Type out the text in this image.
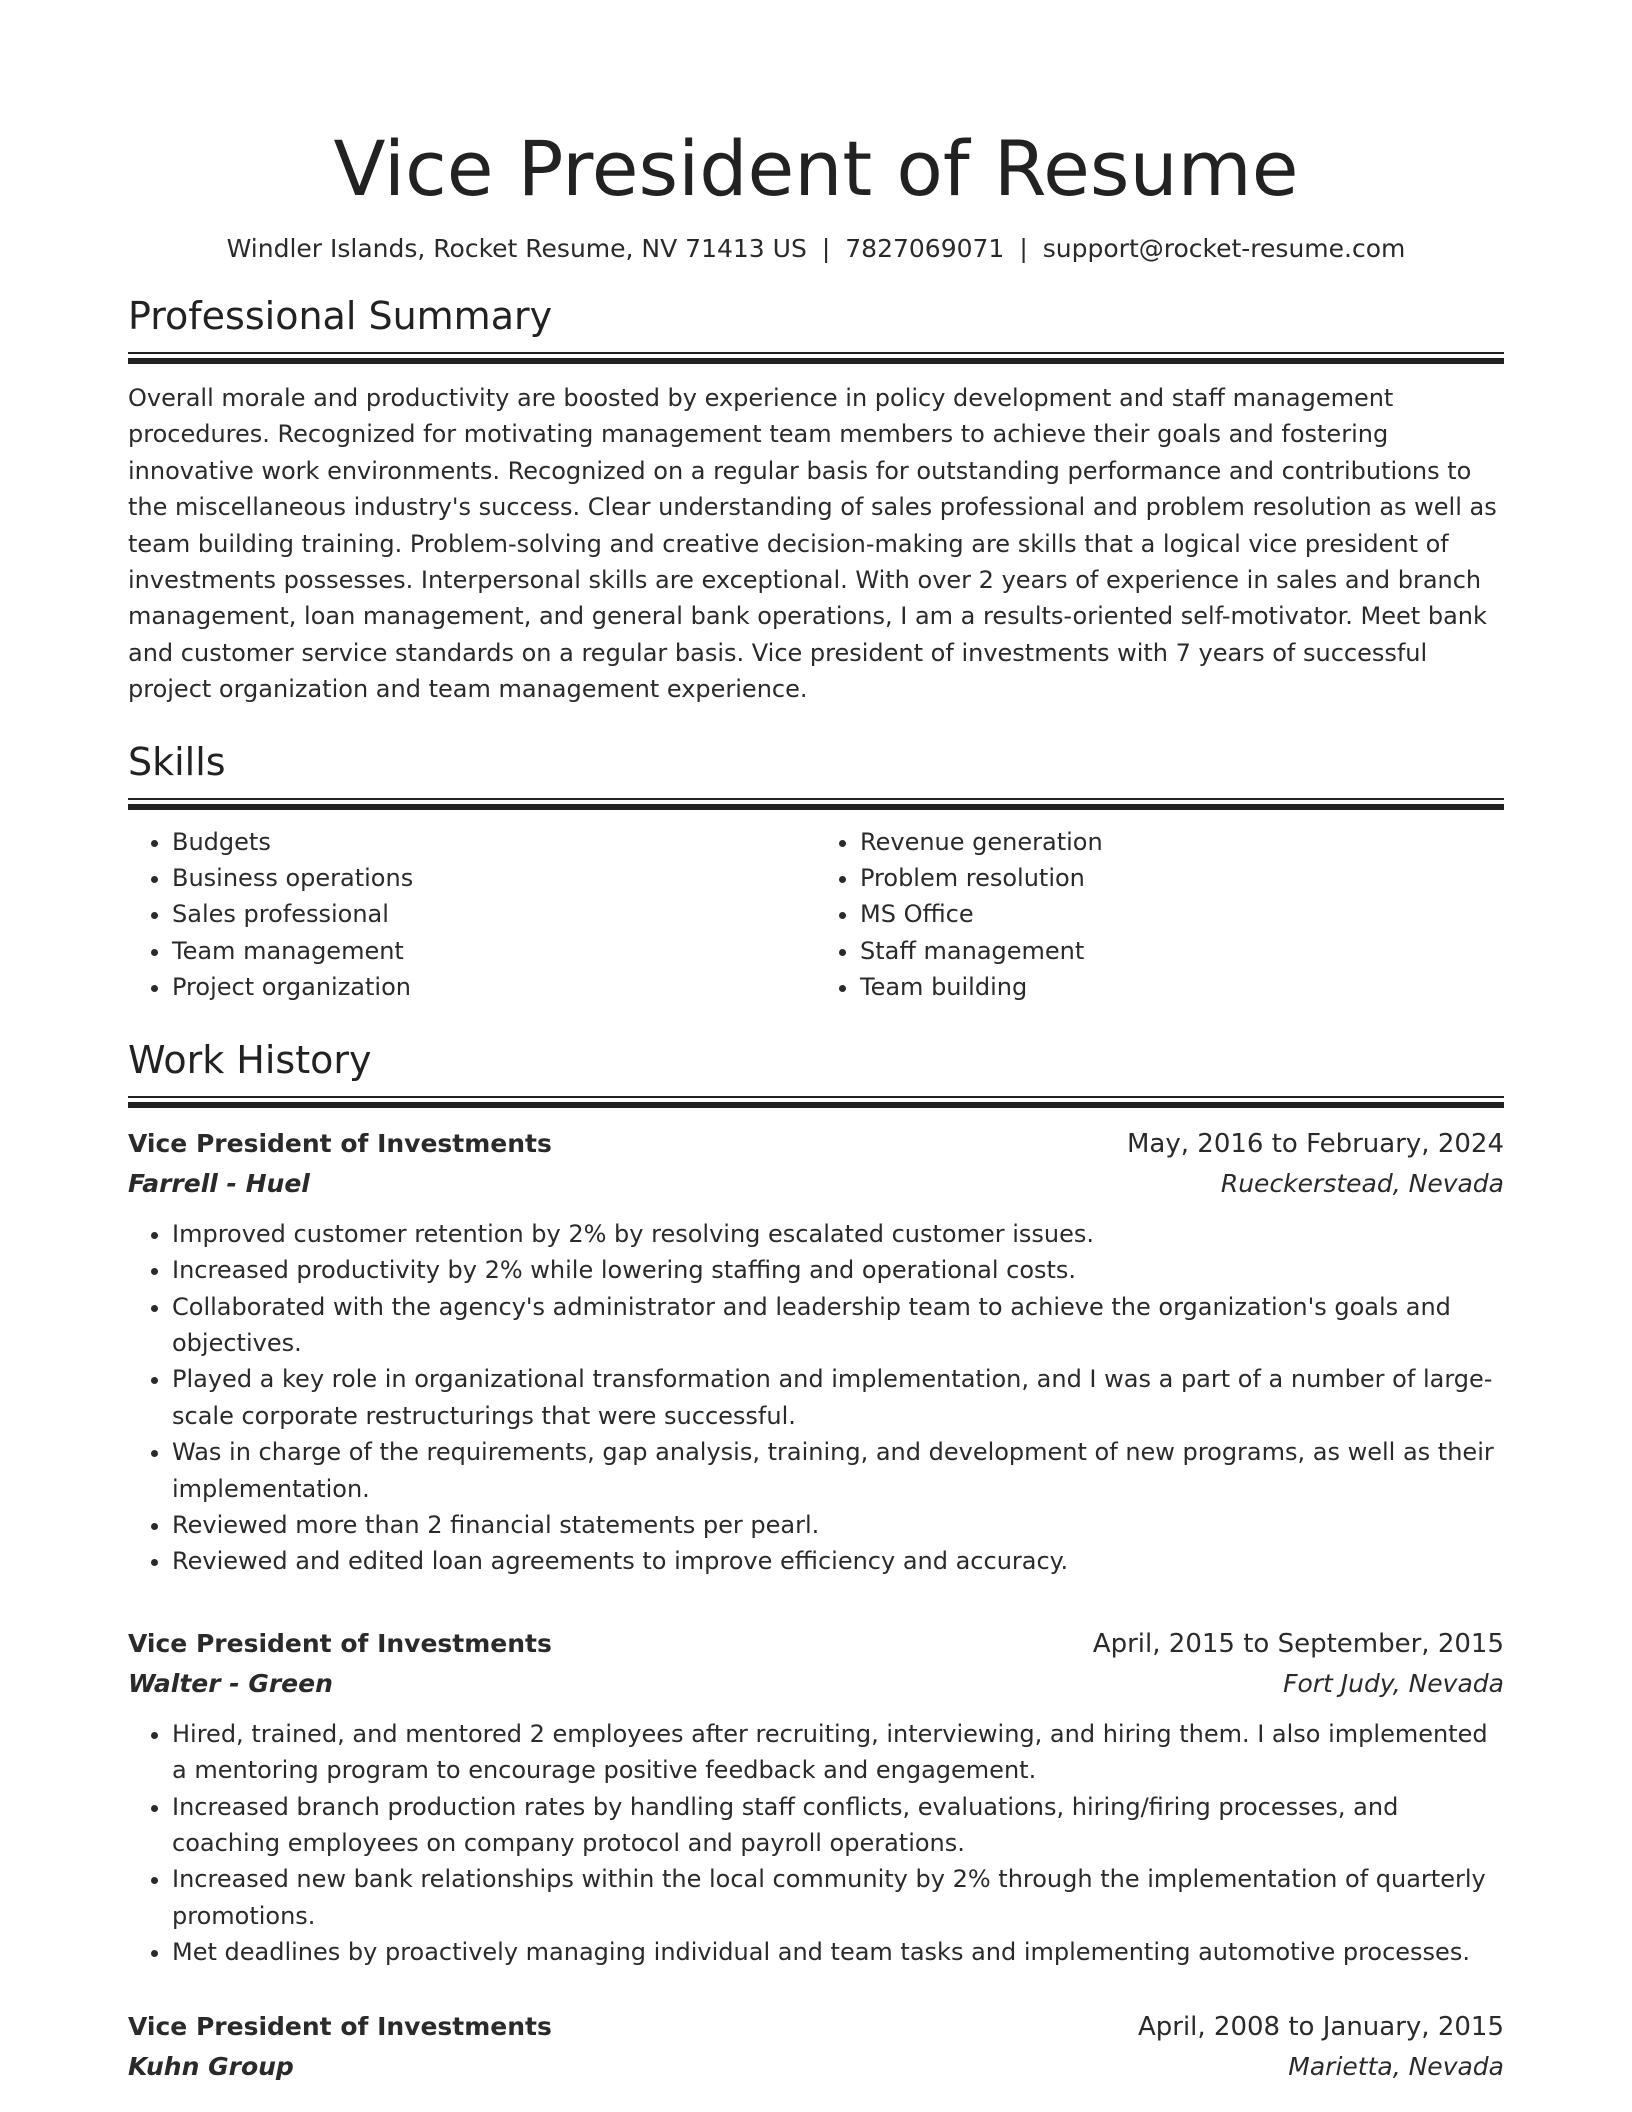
Vice President of Resume
Windler Islands, Rocket Resume, NV 71413 US | 7827069071 | support@rocket-resume.com
Professional Summary

Overall morale and productivity are boosted by experience in policy development and staff management procedures. Recognized for motivating management team members to achieve their goals and fostering innovative work environments. Recognized on a regular basis for outstanding performance and contributions to the miscellaneous industry's success. Clear understanding of sales professional and problem resolution as well as team building training. Problem-solving and creative decision-making are skills that a logical vice president of investments possesses. Interpersonal skills are exceptional. With over 2 years of experience in sales and branch management, loan management, and general bank operations, I am a results-oriented self-motivator. Meet bank and customer service standards on a regular basis. Vice president of investments with 7 years of successful project organization and team management experience.

Skills
• Budgets
• Business operations
• Sales professional
• Team management
• Project organization
• Revenue generation
• Problem resolution
• MS Office
• Staff management
• Team building
Work History
Vice President of Investments	May, 2016 to February, 2024
Farrell - Huel	Rueckerstead, Nevada
• Improved customer retention by 2% by resolving escalated customer issues.
• Increased productivity by 2% while lowering staffing and operational costs.
• Collaborated with the agency's administrator and leadership team to achieve the organization's goals and objectives.
• Played a key role in organizational transformation and implementation, and I was a part of a number of large-scale corporate restructurings that were successful.
• Was in charge of the requirements, gap analysis, training, and development of new programs, as well as their implementation.
• Reviewed more than 2 financial statements per pearl.
• Reviewed and edited loan agreements to improve efficiency and accuracy.
Vice President of Investments	April, 2015 to September, 2015
Walter - Green	Fort Judy, Nevada
• Hired, trained, and mentored 2 employees after recruiting, interviewing, and hiring them. I also implemented a mentoring program to encourage positive feedback and engagement.
• Increased branch production rates by handling staff conflicts, evaluations, hiring/firing processes, and coaching employees on company protocol and payroll operations.
• Increased new bank relationships within the local community by 2% through the implementation of quarterly promotions.
• Met deadlines by proactively managing individual and team tasks and implementing automotive processes.
Vice President of Investments	April, 2008 to January, 2015
Kuhn Group	Marietta, Nevada
